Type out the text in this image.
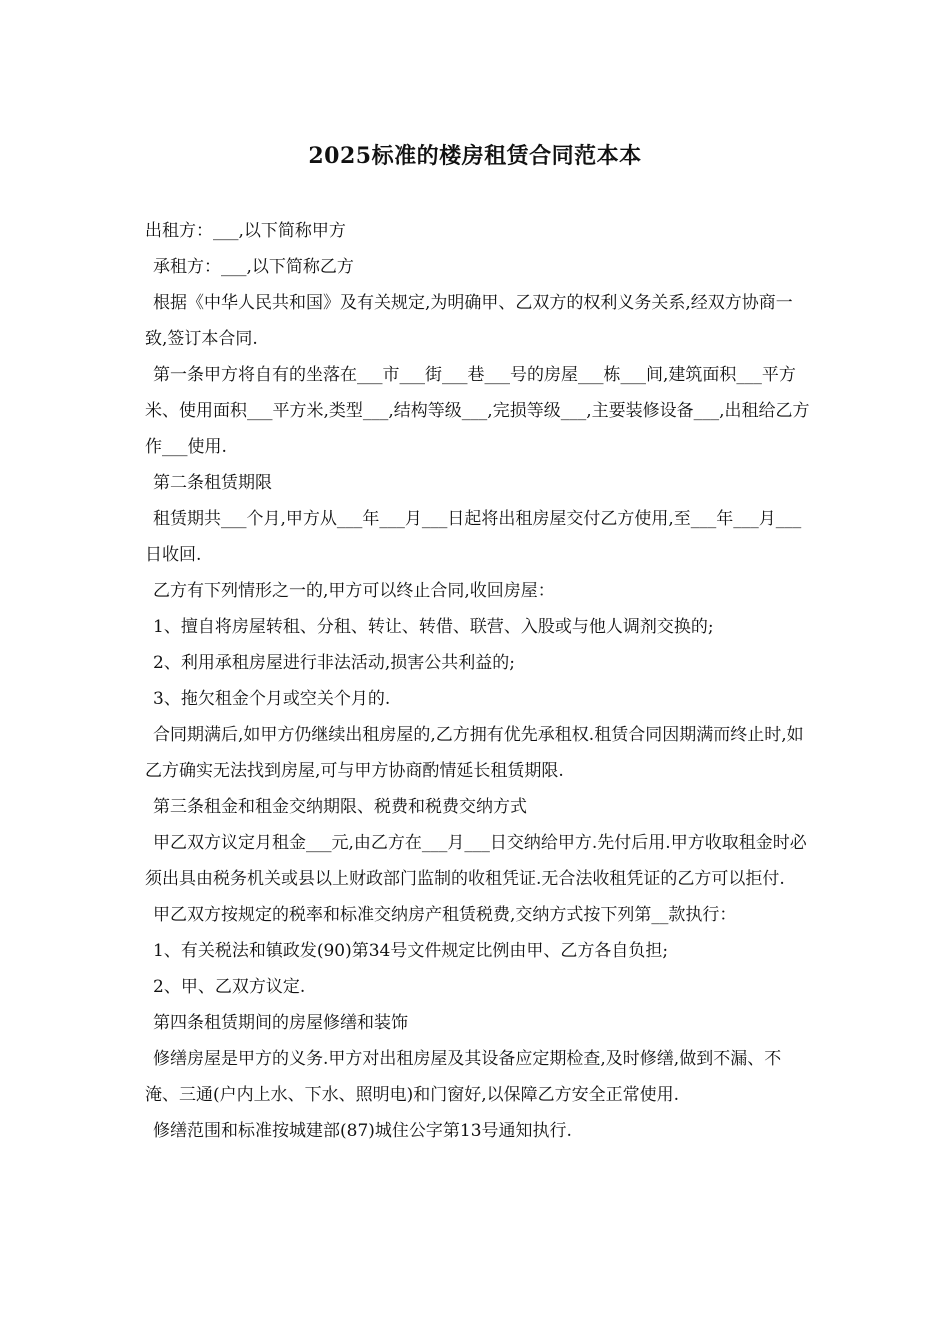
2025标准的楼房租赁合同范本本

出租方：___,以下简称甲方

承租方：___,以下简称乙方

根据《中华人民共和国》及有关规定,为明确甲、乙双方的权利义务关系,经双方协商一致,签订本合同.

第一条甲方将自有的坐落在___市___街___巷___号的房屋___栋___间,建筑面积___平方米、使用面积___平方米,类型___,结构等级___,完损等级___,主要装修设备___,出租给乙方作___使用.

第二条租赁期限

租赁期共___个月,甲方从___年___月___日起将出租房屋交付乙方使用,至___年___月___日收回.

乙方有下列情形之一的,甲方可以终止合同,收回房屋：

1、擅自将房屋转租、分租、转让、转借、联营、入股或与他人调剂交换的;

2、利用承租房屋进行非法活动,损害公共利益的;

3、拖欠租金个月或空关个月的.

合同期满后,如甲方仍继续出租房屋的,乙方拥有优先承租权.租赁合同因期满而终止时,如乙方确实无法找到房屋,可与甲方协商酌情延长租赁期限.

第三条租金和租金交纳期限、税费和税费交纳方式

甲乙双方议定月租金___元,由乙方在___月___日交纳给甲方.先付后用.甲方收取租金时必须出具由税务机关或县以上财政部门监制的收租凭证.无合法收租凭证的乙方可以拒付.

甲乙双方按规定的税率和标准交纳房产租赁税费,交纳方式按下列第__款执行：

1、有关税法和镇政发(90)第34号文件规定比例由甲、乙方各自负担;

2、甲、乙双方议定.

第四条租赁期间的房屋修缮和装饰

修缮房屋是甲方的义务.甲方对出租房屋及其设备应定期检查,及时修缮,做到不漏、不淹、三通(户内上水、下水、照明电)和门窗好,以保障乙方安全正常使用.

修缮范围和标准按城建部(87)城住公字第13号通知执行.
